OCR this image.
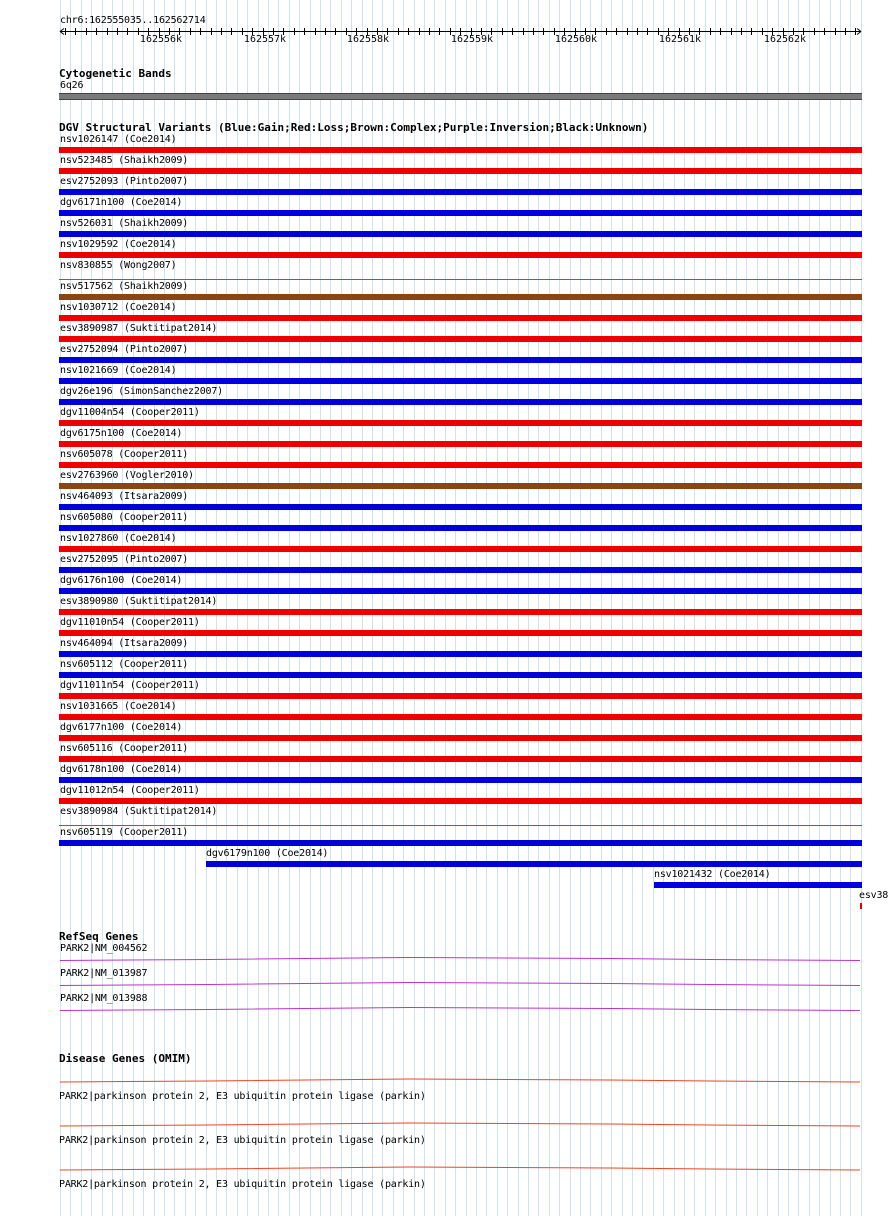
chr6:162555035..162562714
162556k	162557k	162558k	162559k	162560k	162561k	162562k
Cytogenetic Bands
6q26
DGV Structural Variants (Blue:Gain;Red:Loss;Brown:Complex;Purple:Inversion;Black:Unknown)
nsv1026147 (Coe2014)
nsv523485 (Shaikh2009)
esv2752093 (Pinto2007)
dgv6171n100 (Coe2014)
nsv526031 (Shaikh2009)
nsv1029592 (Coe2014)
nsv830855 (Wong2007)
nsv517562 (Shaikh2009)
nsv1030712 (Coe2014)
esv3890987 (Suktitipat2014)
esv2752094 (Pinto2007)
nsv1021669 (Coe2014)
dgv26e196 (SimonSanchez2007)
dgv11004n54 (Cooper2011)
dgv6175n100 (Coe2014)
nsv605078 (Cooper2011)
esv2763960 (Vogler2010)
nsv464093 (Itsara2009)
nsv605080 (Cooper2011)
nsv1027860 (Coe2014)
esv2752095 (Pinto2007)
dgv6176n100 (Coe2014)
esv3890980 (Suktitipat2014)
dgv11010n54 (Cooper2011)
nsv464094 (Itsara2009)
nsv605112 (Cooper2011)
dgv11011n54 (Cooper2011)
nsv1031665 (Coe2014)
dgv6177n100 (Coe2014)
nsv605116 (Cooper2011)
dgv6178n100 (Coe2014)
dgv11012n54 (Cooper2011)
esv3890984 (Suktitipat2014)
nsv605119 (Cooper2011)
dgv6179n100 (Coe2014)
nsv1021432 (Coe2014)
esv38
RefSeq Genes
PARK2|NM_004562
PARK2|NM_013987
PARK2|NM_013988
Disease Genes (OMIM)
PARK2|parkinson protein 2, E3 ubiquitin protein ligase (parkin)
PARK2|parkinson protein 2, E3 ubiquitin protein ligase (parkin)
PARK2|parkinson protein 2, E3 ubiquitin protein ligase (parkin)
